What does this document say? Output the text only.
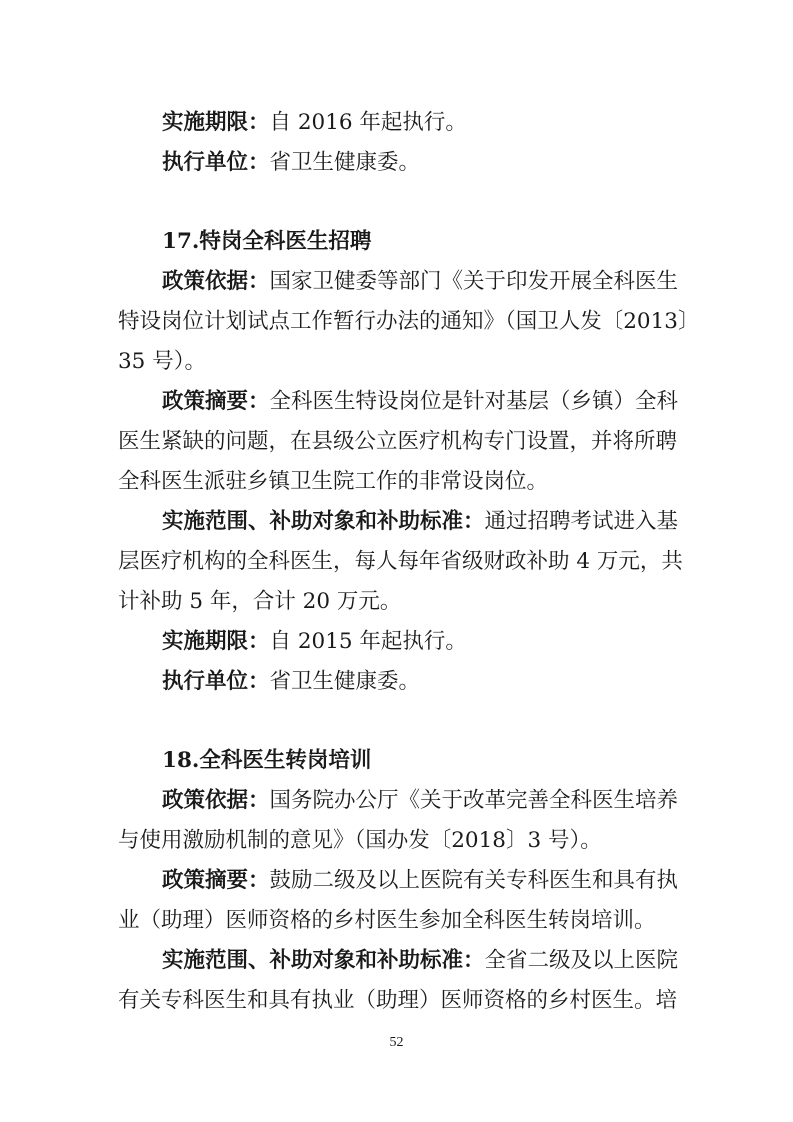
实施期限：自 2016 年起执行。
执行单位：省卫生健康委。
17.特岗全科医生招聘
政策依据：国家卫健委等部门《关于印发开展全科医生
特设岗位计划试点工作暂行办法的通知》（国卫人发〔2013〕
35 号）。
政策摘要：全科医生特设岗位是针对基层（乡镇）全科
医生紧缺的问题，在县级公立医疗机构专门设置，并将所聘
全科医生派驻乡镇卫生院工作的非常设岗位。
实施范围、补助对象和补助标准：通过招聘考试进入基
层医疗机构的全科医生，每人每年省级财政补助 4 万元，共
计补助 5 年，合计 20 万元。
实施期限：自 2015 年起执行。
执行单位：省卫生健康委。
18.全科医生转岗培训
政策依据：国务院办公厅《关于改革完善全科医生培养
与使用激励机制的意见》（国办发〔2018〕3 号）。
政策摘要：鼓励二级及以上医院有关专科医生和具有执
业（助理）医师资格的乡村医生参加全科医生转岗培训。
实施范围、补助对象和补助标准：全省二级及以上医院
有关专科医生和具有执业（助理）医师资格的乡村医生。培
52
